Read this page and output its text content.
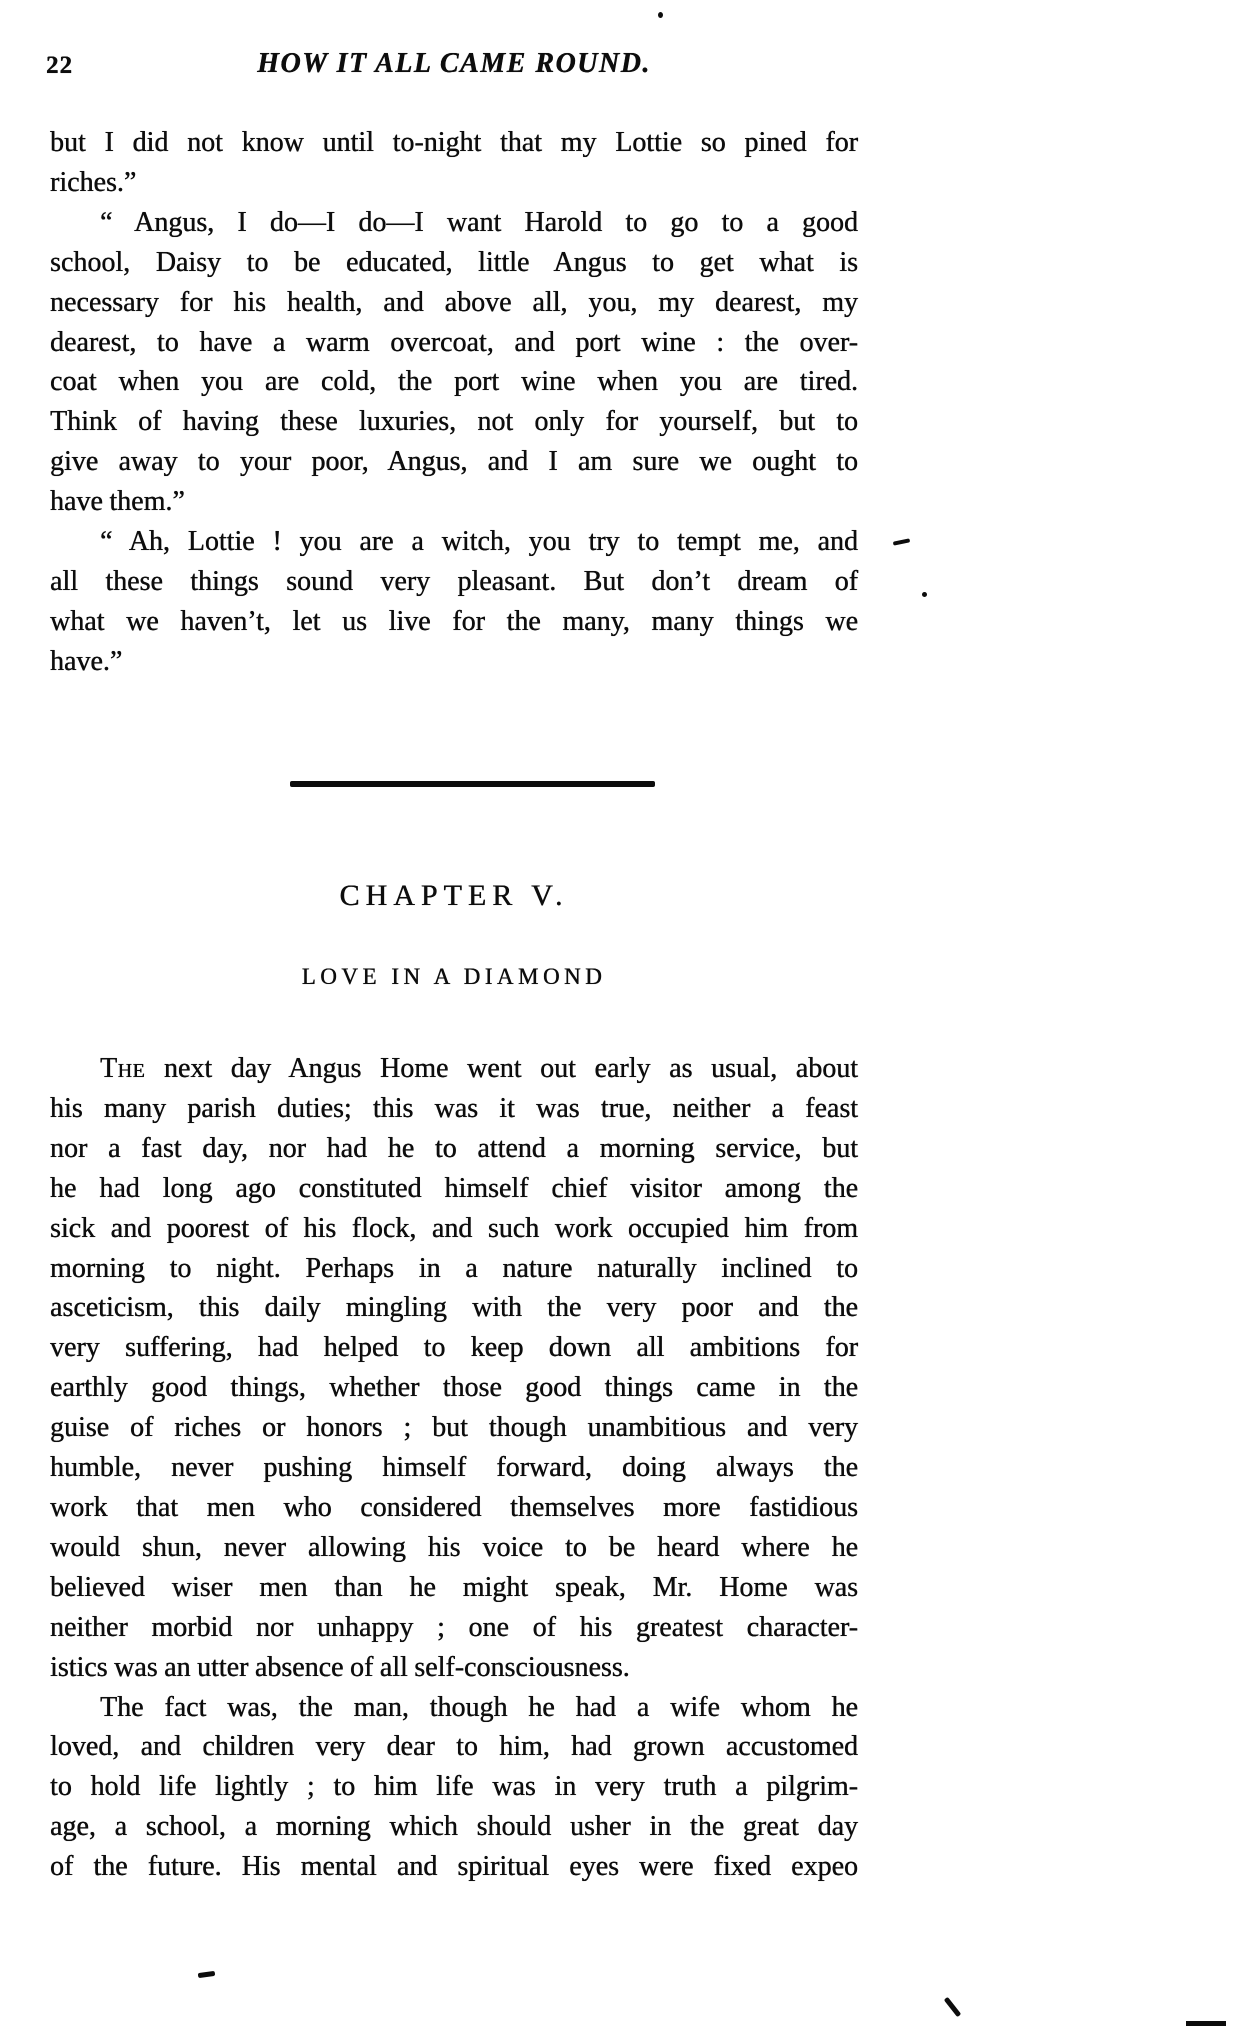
22	HOW IT ALL CAME ROUND.
but I did not know until to-night that my Lottie so pined for
riches.”
“ Angus, I do—I do—I want Harold to go to a good
school, Daisy to be educated, little Angus to get what is
necessary for his health, and above all, you, my dearest, my
dearest, to have a warm overcoat, and port wine : the over-
coat when you are cold, the port wine when you are tired.
Think of having these luxuries, not only for yourself, but to
give away to your poor, Angus, and I am sure we ought to
have them.”
“ Ah, Lottie ! you are a witch, you try to tempt me, and
all these things sound very pleasant. But don’t dream of
what we haven’t, let us live for the many, many things we
have.”
CHAPTER V.
LOVE IN A DIAMOND
The next day Angus Home went out early as usual, about
his many parish duties; this was it was true, neither a feast
nor a fast day, nor had he to attend a morning service, but
he had long ago constituted himself chief visitor among the
sick and poorest of his flock, and such work occupied him from
morning to night. Perhaps in a nature naturally inclined to
asceticism, this daily mingling with the very poor and the
very suffering, had helped to keep down all ambitions for
earthly good things, whether those good things came in the
guise of riches or honors ; but though unambitious and very
humble, never pushing himself forward, doing always the
work that men who considered themselves more fastidious
would shun, never allowing his voice to be heard where he
believed wiser men than he might speak, Mr. Home was
neither morbid nor unhappy ; one of his greatest character-
istics was an utter absence of all self-consciousness.
The fact was, the man, though he had a wife whom he
loved, and children very dear to him, had grown accustomed
to hold life lightly ; to him life was in very truth a pilgrim-
age, a school, a morning which should usher in the great day
of the future. His mental and spiritual eyes were fixed expeo
